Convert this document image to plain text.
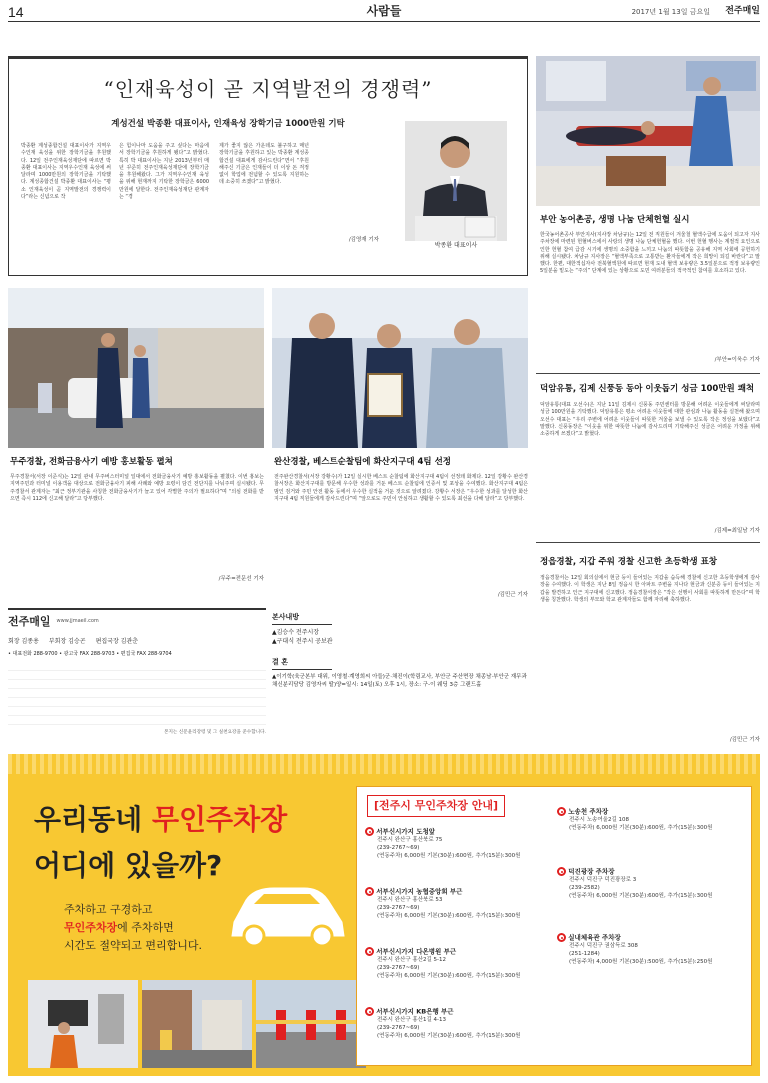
14	사람들	2017년 1월 13일 금요일 전주매일
“인재육성이 곧 지역발전의 경쟁력”
계성건설 박종환 대표이사, 인재육성 장학기금 1000만원 기탁
박종환 계성종합건설 대표이사가 지역우수인재 육성을 위한 장학기금을 후원했다. 12일 전주인재육성재단에 따르면 박종환 대표이사는 지역우수인재 육성에 써 달라며 1000만원의 장학기금을 기탁했다. 계성종합건설 박종환 대표이사는 “평소 인재육성이 곧 지역발전의 경쟁력이다”라는 신념으로 작
은 힘이나마 도움을 주고 싶다는 마음에서 장학기금을 후원하게 됐다”고 밝혔다. 특히 박 대표이사는 지난 2013년부터 매년 꾸준히 전주인재육성재단에 장학기금을 후원해왔다. 그가 지역우수인재 육성을 위해 현재까지 기탁한 장학금은 6000만원에 달한다. 전주인재육성재단 관계자는 “경
제가 좋지 않은 가운데도 불구하고 매년 장학기금을 후원하고 있는 박종환 계성종합건설 대표에게 감사드린다”면서 “후원해주신 기금은 인재들이 더 이상 돈 걱정 없이 학업에 전념할 수 있도록 지원하는 데 소중히 쓰겠다”고 밝혔다.
/김영재 기자
박종환 대표이사
부안 농어촌공, 생명 나눔 단체헌혈 실시
한국농어촌공사 부안지사(지사장 차남규)는 12일 전 직원들이 겨울철 혈액수급에 도움이 되고자 지사 주차장에 마련된 헌혈버스에서 사랑의 생명 나눔 단체헌혈을 했다. 이번 헌혈 행사는 계절적 요인으로 인한 헌혈 참여 급감 시기에 생명의 소중함을 느끼고 나눔의 따뜻함을 공유해 지역 사회에 공헌하기 위해 실시됐다. 차남규 지사장은 “혈액부족으로 고통받는 환자들에게 작은 희망이 되길 바란다”고 말했다. 한편, 대한적십자사 전북혈액원에 따르면 현재 도내 혈액 보유량은 3.5일분으로 적정 보유량인 5일분을 밑도는 “주의” 단계에 있는 상황으로 도민 여러분들의 적극적인 참여를 호소하고 있다.
/부안=이욱수 기자
덕암유통, 김제 신풍동 동아 이웃돕기 성금 100만원 쾌척
덕암유통(대표 오선수)은 지난 11일 김제시 신풍동 주민센터를 방문해 어려운 이웃들에게 써달라며 성금 100만원을 기탁했다. 덕암유통은 평소 어려운 이웃들에 대한 관심과 나눔 활동을 실천해 왔으며 오선수 대표는 “우리 주변에 어려운 이웃들이 따뜻한 겨울을 보낼 수 있도록 작은 정성을 보탰다”고 말했다. 신풍동장은 “이웃을 위한 따뜻한 나눔에 감사드리며 기탁해주신 성금은 어려운 가정을 위해 소중하게 쓰겠다”고 밝혔다.
/김제=최일남 기자
정읍경찰, 지갑 주워 경찰 신고한 초등학생 표창
정읍경찰서는 12일 회의실에서 현금 등이 들어있는 지갑을 습득해 경찰에 신고한 초등학생에게 감사장을 수여했다. 이 학생은 지난 8일 정읍시 한 아파트 주변을 지나다 현금과 신분증 등이 들어있는 지갑을 발견하고 인근 지구대에 신고했다. 정읍경찰서장은 “작은 선행이 사회를 따뜻하게 만든다”며 학생을 칭찬했다. 학생의 부모와 학교 관계자들도 함께 자리해 축하했다.
/김민근 기자
무주경찰, 전화금융사기 예방 홍보활동 펼쳐
무주경찰서(서장 이준식)는 12일 관내 무주버스터미널 일대에서 전화금융사기 예방 홍보활동을 펼쳤다. 이번 홍보는 지역주민과 터미널 이용객을 대상으로 전화금융사기 피해 사례와 예방 요령이 담긴 전단지를 나눠주며 실시됐다. 무주경찰서 관계자는 “최근 정부기관을 사칭한 전화금융사기가 늘고 있어 각별한 주의가 필요하다”며 “의심 전화를 받으면 즉시 112에 신고해 달라”고 당부했다.
/무주=전문선 기자
완산경찰, 베스트순찰팀에 화산지구대 4팀 선정
전주완산경찰서(서장 강황수)가 12일 실시한 베스트 순찰팀에 화산지구대 4팀이 선정돼 화제다. 12일 강황수 완산경찰서장은 화산지구대를 방문해 우수한 성과를 거둔 베스트 순찰팀에 인증서 및 포상을 수여했다. 화산지구대 4팀은 범인 검거와 주민 안전 활동 등에서 우수한 실적을 거둔 것으로 알려졌다. 강황수 서장은 “우수한 성과를 달성한 화산지구대 4팀 직원들에게 감사드린다”며 “앞으로도 주민이 안심하고 생활할 수 있도록 최선을 다해 달라”고 당부했다.
/김민근 기자
전주매일 www.jjmaeil.com
회장 김종용 부회장 김승곤 편집국장 김관춘
• 대표전화 288-9700 • 광고국 FAX 288-9703 • 편집국 FAX 288-9704
본지는 신문윤리강령 및 그 실천요강을 준수합니다.
본사내방
▲김승수 전주시장
▲구대식 전주시 공보관
결 혼
▲이기학(육군본부 대위, 이영철·계영희씨 아들)군·채진이(학림교사, 부안군 주산면장 채종남·부안군 재무과 채신분리담당 김영자씨 딸)양=일시: 14일(토) 오후 1시, 장소: 구-이 웨딩 3층 그랜드홀
우리동네 무인주차장
어디에 있을까?
주차하고 구경하고
무인주차장에 주차하면
시간도 절약되고 편리합니다.
[전주시 무인주차장 안내]
서부신시가지 도청앞
전주시 완산구 홍산북로 75
(239-2767~69)
(연동주차) 6,000원 기본(30분):600원, 추가(15분):300원
서부신시가지 농협중앙회 부근
전주시 완산구 홍산북로 53
(239-2767~69)
(연동주차) 6,000원 기본(30분):600원, 추가(15분):300원
서부신시가지 다온병원 부근
전주시 완산구 홍산2길 5-12
(239-2767~69)
(연동주차) 6,000원 기본(30분):600원, 추가(15분):300원
서부신시가지 KB은행 부근
전주시 완산구 홍산1길 4-13
(239-2767~69)
(연동주차) 6,000원 기본(30분):600원, 추가(15분):300원
노송천 주차장
전주시 노송여울2길 108
(연동주차) 6,000원 기본(30분):600원, 추가(15분):300원
덕진광장 주차장
전주시 덕진구 덕진광장로 3
(239-2582)
(연동주차) 6,000원 기본(30분):600원, 추가(15분):300원
실내체육관 주차장
전주시 덕진구 권삼득로 308
(251-1284)
(연동주차) 4,000원 기본(30분):500원, 추가(15분):250원
